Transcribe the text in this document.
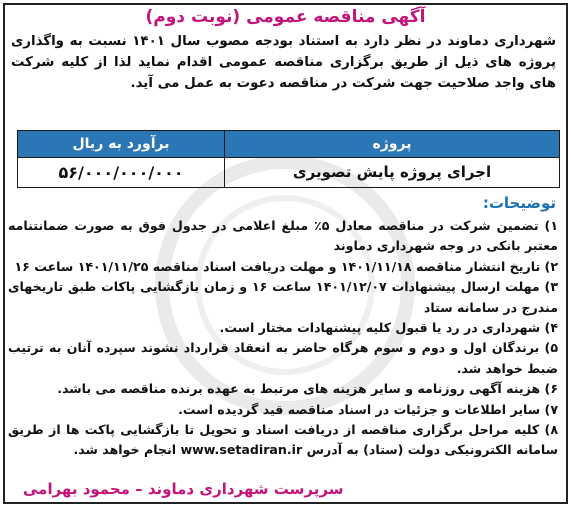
آگهی مناقصه عمومی (نوبت دوم)
شهرداری دماوند در نظر دارد به استناد بودجه مصوب سال ۱۴۰۱ نسبت به واگذاری پروژه های ذیل از طریق برگزاری مناقصه عمومی اقدام نماید لذا از کلیه شرکت های واجد صلاحیت جهت شرکت در مناقصه دعوت به عمل می آید.
پروژه
برآورد به ریال
اجرای پروژه پایش تصویری
۵۶/۰۰۰/۰۰۰/۰۰۰
توضیحات:
۱) تضمین شرکت در مناقصه معادل ۵٪ مبلغ اعلامی در جدول فوق به صورت ضمانتنامه معتبر بانکی در وجه شهرداری دماوند
۲) تاریخ انتشار مناقصه ۱۴۰۱/۱۱/۱۸ و مهلت دریافت اسناد مناقصه ۱۴۰۱/۱۱/۲۵ ساعت ۱۶
۳) مهلت ارسال پیشنهادات ۱۴۰۱/۱۲/۰۷ ساعت ۱۶ و زمان بازگشایی پاکات طبق تاریخهای مندرج در سامانه ستاد
۴) شهرداری در رد یا قبول کلیه پیشنهادات مختار است.
۵) برندگان اول و دوم و سوم هرگاه حاضر به انعقاد قرارداد نشوند سپرده آنان به ترتیب ضبط خواهد شد.
۶) هزینه آگهی روزنامه و سایر هزینه های مرتبط به عهده برنده مناقصه می باشد.
۷) سایر اطلاعات و جزئیات در اسناد مناقصه قید گردیده است.
۸) کلیه مراحل برگزاری مناقصه از دریافت اسناد و تحویل تا بازگشایی پاکت ها از طریق سامانه الکترونیکی دولت (ستاد) به آدرس www.setadiran.ir انجام خواهد شد.
سرپرست شهرداری دماوند – محمود بهرامی
